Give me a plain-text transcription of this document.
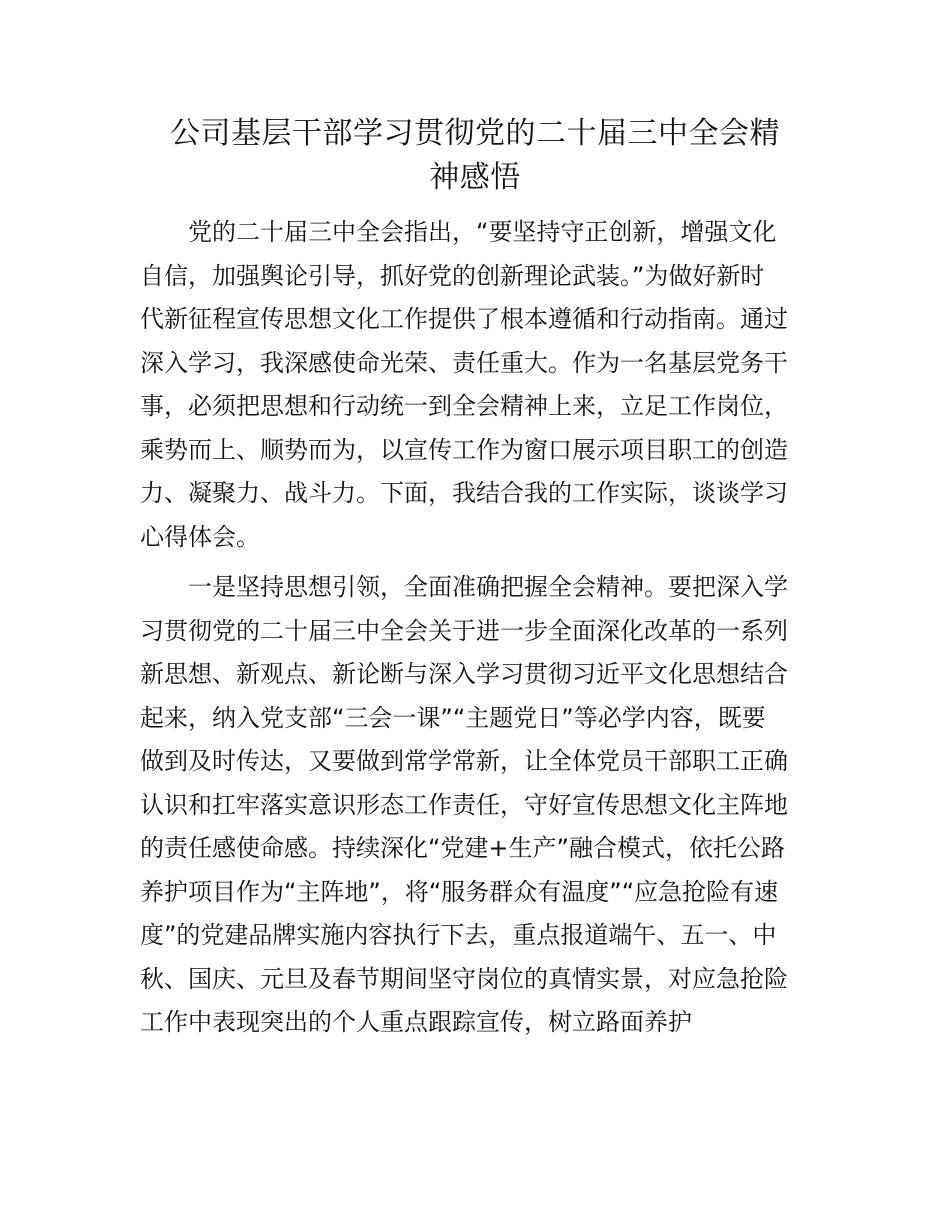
公司基层干部学习贯彻党的二十届三中全会精
神感悟

党的二十届三中全会指出，“要坚持守正创新，增强文化
自信，加强舆论引导，抓好党的创新理论武装。”为做好新时
代新征程宣传思想文化工作提供了根本遵循和行动指南。通过
深入学习，我深感使命光荣、责任重大。作为一名基层党务干
事，必须把思想和行动统一到全会精神上来，立足工作岗位，
乘势而上、顺势而为，以宣传工作为窗口展示项目职工的创造
力、凝聚力、战斗力。下面，我结合我的工作实际，谈谈学习
心得体会。

一是坚持思想引领，全面准确把握全会精神。要把深入学
习贯彻党的二十届三中全会关于进一步全面深化改革的一系列
新思想、新观点、新论断与深入学习贯彻习近平文化思想结合
起来，纳入党支部“三会一课”“主题党日”等必学内容，既要
做到及时传达，又要做到常学常新，让全体党员干部职工正确
认识和扛牢落实意识形态工作责任，守好宣传思想文化主阵地
的责任感使命感。持续深化“党建+生产”融合模式，依托公路
养护项目作为“主阵地”，将“服务群众有温度”“应急抢险有速
度”的党建品牌实施内容执行下去，重点报道端午、五一、中
秋、国庆、元旦及春节期间坚守岗位的真情实景，对应急抢险
工作中表现突出的个人重点跟踪宣传，树立路面养护
